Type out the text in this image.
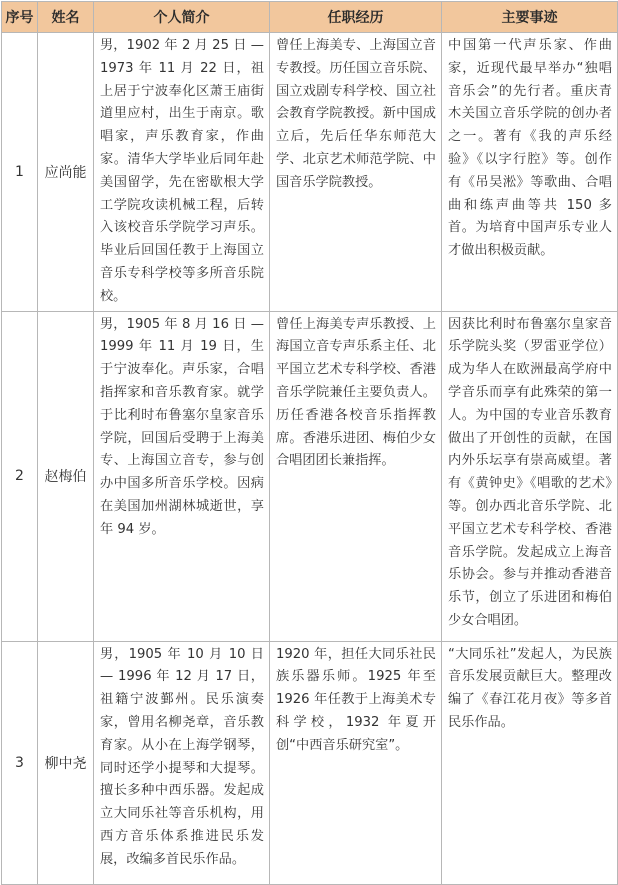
序号	姓名	个人简介	任职经历	主要事迹
1	应尚能	男，1902 年 2 月 25 日 — 1973 年 11 月 22 日，祖上居于宁波奉化区萧王庙街道里应村，出生于南京。歌唱家，声乐教育家，作曲家。清华大学毕业后同年赴美国留学，先在密歇根大学工学院攻读机械工程，后转入该校音乐学院学习声乐。毕业后回国任教于上海国立音乐专科学校等多所音乐院校。	曾任上海美专、上海国立音专教授。历任国立音乐院、国立戏剧专科学校、国立社会教育学院教授。新中国成立后，先后任华东师范大学、北京艺术师范学院、中国音乐学院教授。	中国第一代声乐家、作曲家，近现代最早举办“独唱音乐会”的先行者。重庆青木关国立音乐学院的创办者之一。著有《我的声乐经验》《以字行腔》等。创作有《吊吴淞》等歌曲、合唱曲和练声曲等共 150 多首。为培育中国声乐专业人才做出积极贡献。
2	赵梅伯	男，1905 年 8 月 16 日 — 1999 年 11 月 19 日，生于宁波奉化。声乐家，合唱指挥家和音乐教育家。就学于比利时布鲁塞尔皇家音乐学院，回国后受聘于上海美专、上海国立音专，参与创办中国多所音乐学校。因病在美国加州湖林城逝世，享年 94 岁。	曾任上海美专声乐教授、上海国立音专声乐系主任、北平国立艺术专科学校、香港音乐学院兼任主要负责人。历任香港各校音乐指挥教席。香港乐进团、梅伯少女合唱团团长兼指挥。	因获比利时布鲁塞尔皇家音乐学院头奖（罗雷亚学位）成为华人在欧洲最高学府中学音乐而享有此殊荣的第一人。为中国的专业音乐教育做出了开创性的贡献，在国内外乐坛享有崇高威望。著有《黄钟史》《唱歌的艺术》等。创办西北音乐学院、北平国立艺术专科学校、香港音乐学院。发起成立上海音乐协会。参与并推动香港音乐节，创立了乐进团和梅伯少女合唱团。
3	柳中尧	男，1905 年 10 月 10 日 — 1996 年 12 月 17 日，祖籍宁波鄞州。民乐演奏家，曾用名柳尧章，音乐教育家。从小在上海学钢琴，同时还学小提琴和大提琴。擅长多种中西乐器。发起成立大同乐社等音乐机构，用西方音乐体系推进民乐发展，改编多首民乐作品。	1920 年，担任大同乐社民族乐器乐师。1925 年至 1926 年任教于上海美术专科学校，1932 年夏开创“中西音乐研究室”。	“大同乐社”发起人，为民族音乐发展贡献巨大。整理改编了《春江花月夜》等多首民乐作品。
